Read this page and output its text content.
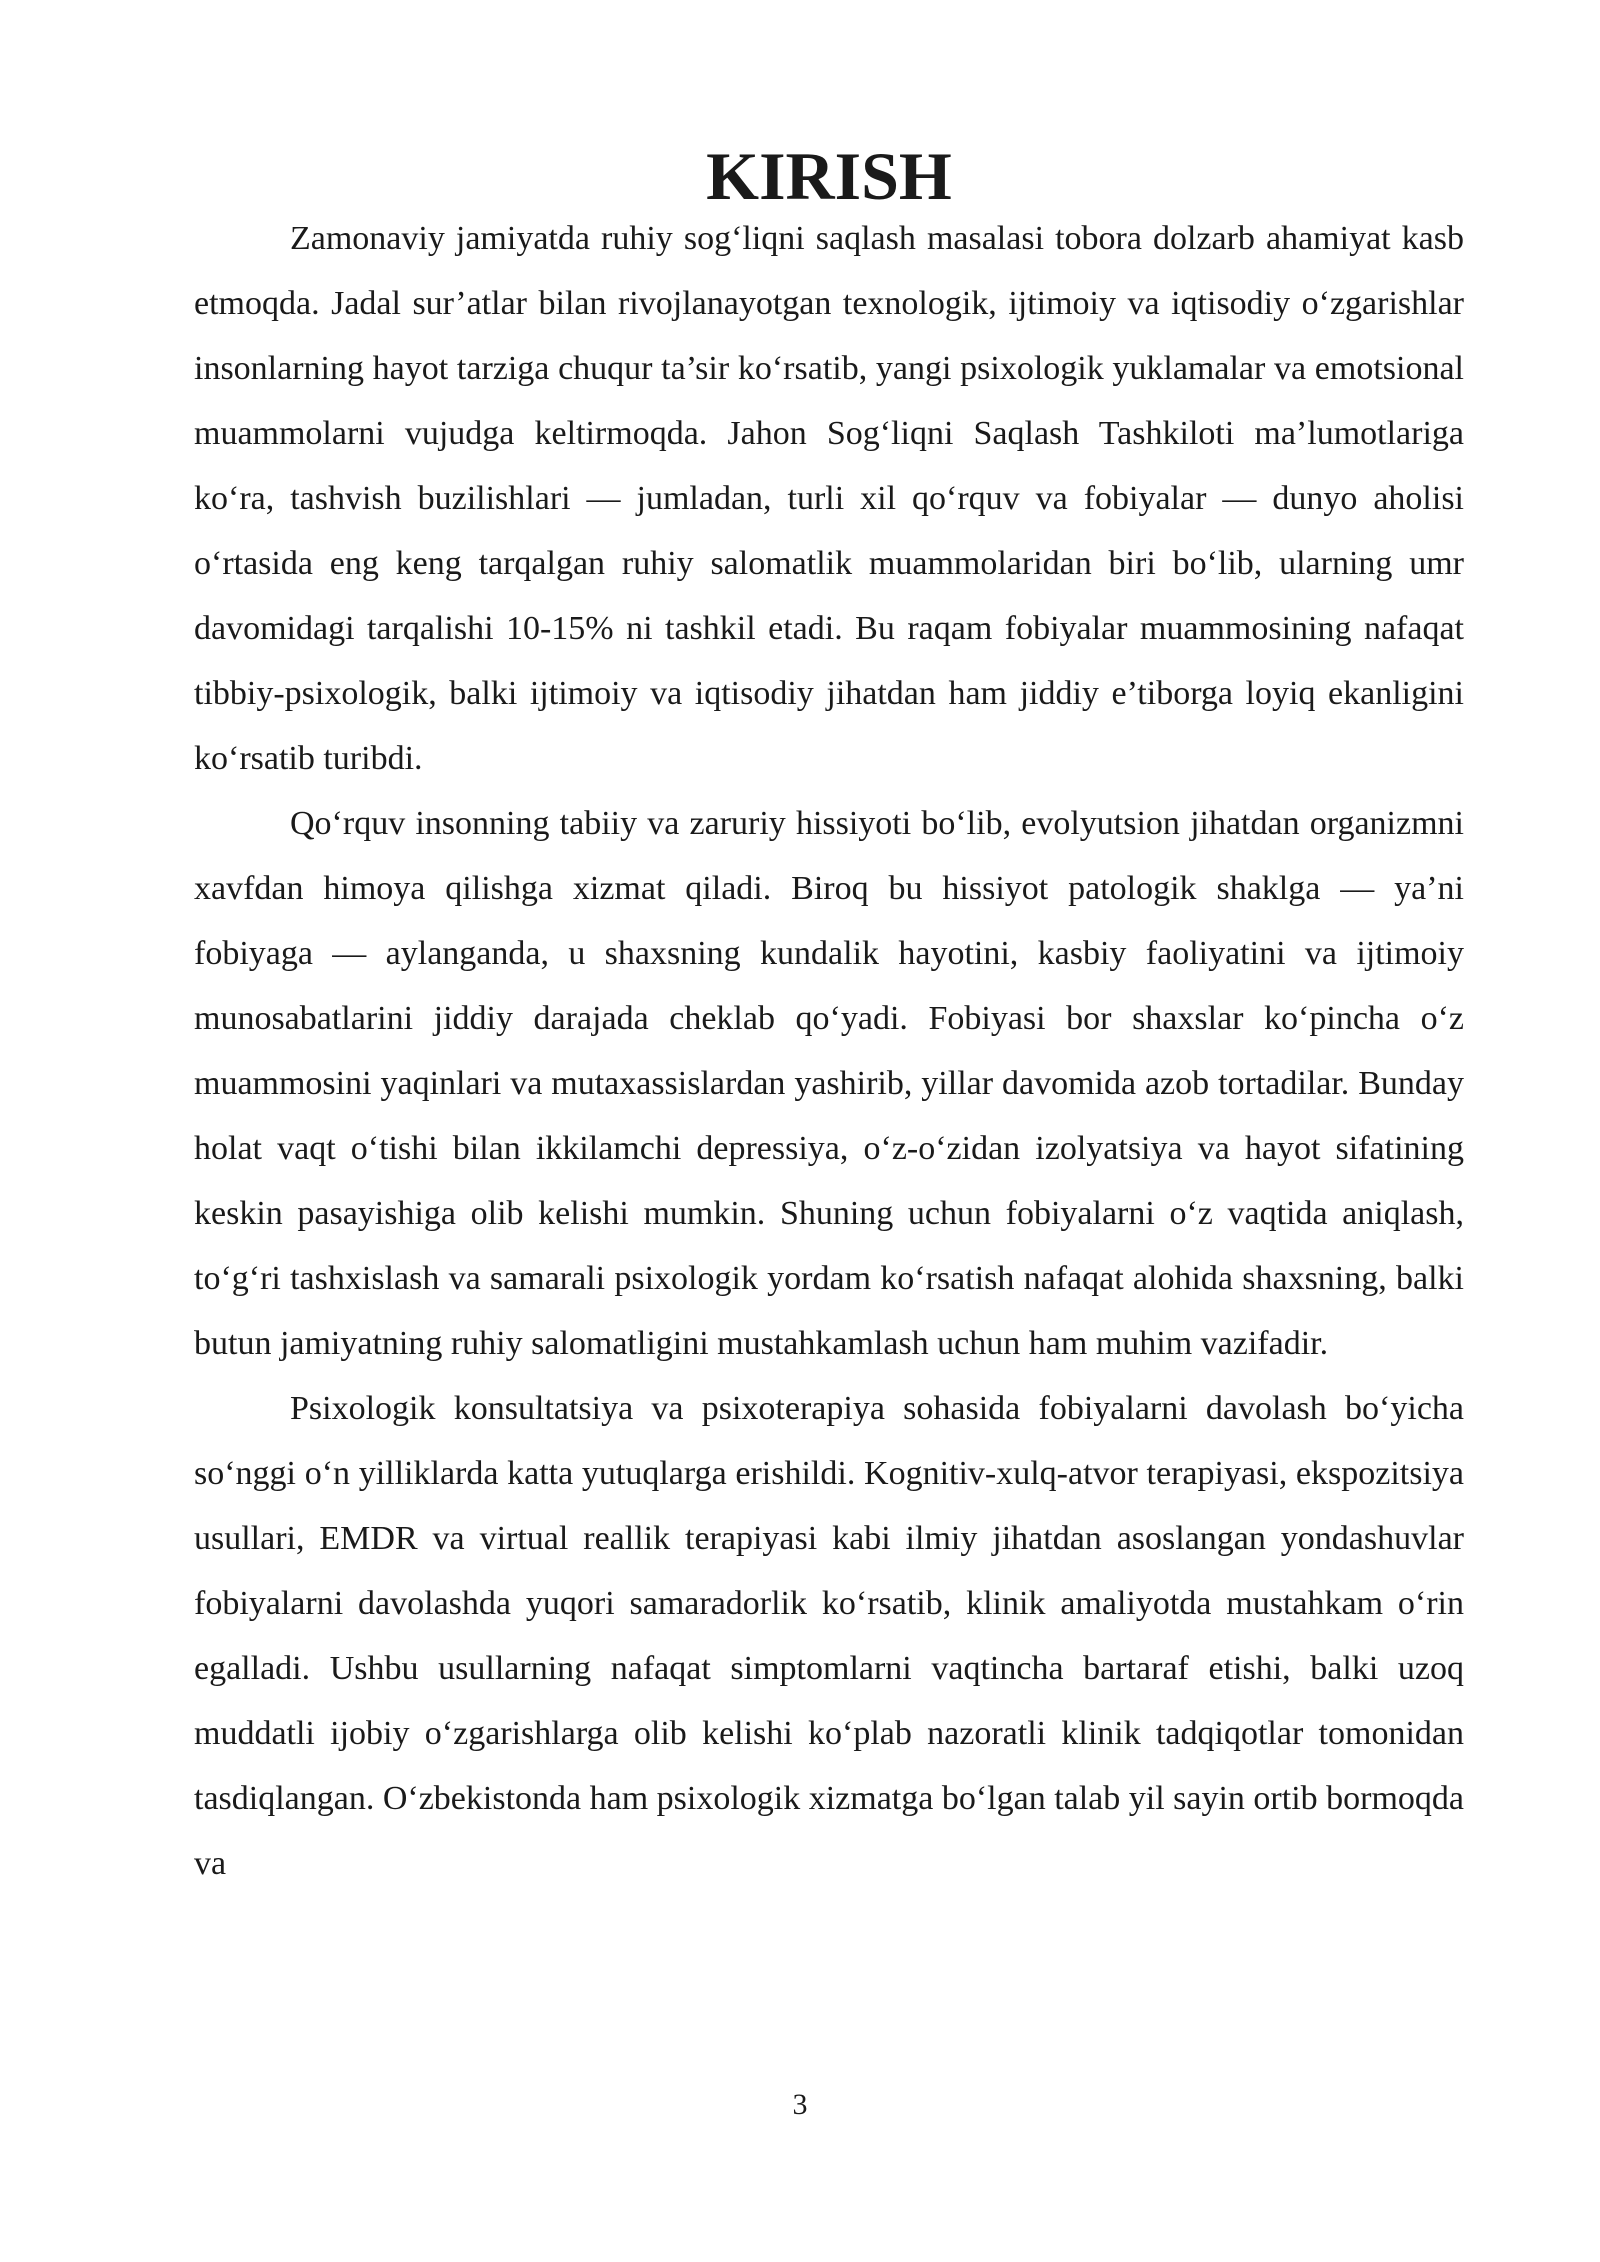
KIRISH

Zamonaviy jamiyatda ruhiy sog‘liqni saqlash masalasi tobora dolzarb ahamiyat kasb etmoqda. Jadal sur’atlar bilan rivojlanayotgan texnologik, ijtimoiy va iqtisodiy o‘zgarishlar insonlarning hayot tarziga chuqur ta’sir ko‘rsatib, yangi psixologik yuklamalar va emotsional muammolarni vujudga keltirmoqda. Jahon Sog‘liqni Saqlash Tashkiloti ma’lumotlariga ko‘ra, tashvish buzilishlari — jumladan, turli xil qo‘rquv va fobiyalar — dunyo aholisi o‘rtasida eng keng tarqalgan ruhiy salomatlik muammolaridan biri bo‘lib, ularning umr davomidagi tarqalishi 10-15% ni tashkil etadi. Bu raqam fobiyalar muammosining nafaqat tibbiy-psixologik, balki ijtimoiy va iqtisodiy jihatdan ham jiddiy e’tiborga loyiq ekanligini ko‘rsatib turibdi.

Qo‘rquv insonning tabiiy va zaruriy hissiyoti bo‘lib, evolyutsion jihatdan organizmni xavfdan himoya qilishga xizmat qiladi. Biroq bu hissiyot patologik shaklga — ya’ni fobiyaga — aylanganda, u shaxsning kundalik hayotini, kasbiy faoliyatini va ijtimoiy munosabatlarini jiddiy darajada cheklab qo‘yadi. Fobiyasi bor shaxslar ko‘pincha o‘z muammosini yaqinlari va mutaxassislardan yashirib, yillar davomida azob tortadilar. Bunday holat vaqt o‘tishi bilan ikkilamchi depressiya, o‘z-o‘zidan izolyatsiya va hayot sifatining keskin pasayishiga olib kelishi mumkin. Shuning uchun fobiyalarni o‘z vaqtida aniqlash, to‘g‘ri tashxislash va samarali psixologik yordam ko‘rsatish nafaqat alohida shaxsning, balki butun jamiyatning ruhiy salomatligini mustahkamlash uchun ham muhim vazifadir.

Psixologik konsultatsiya va psixoterapiya sohasida fobiyalarni davolash bo‘yicha so‘nggi o‘n yilliklarda katta yutuqlarga erishildi. Kognitiv-xulq-atvor terapiyasi, ekspozitsiya usullari, EMDR va virtual reallik terapiyasi kabi ilmiy jihatdan asoslangan yondashuvlar fobiyalarni davolashda yuqori samaradorlik ko‘rsatib, klinik amaliyotda mustahkam o‘rin egalladi. Ushbu usullarning nafaqat simptomlarni vaqtincha bartaraf etishi, balki uzoq muddatli ijobiy o‘zgarishlarga olib kelishi ko‘plab nazoratli klinik tadqiqotlar tomonidan tasdiqlangan. O‘zbekistonda ham psixologik xizmatga bo‘lgan talab yil sayin ortib bormoqda va

3
